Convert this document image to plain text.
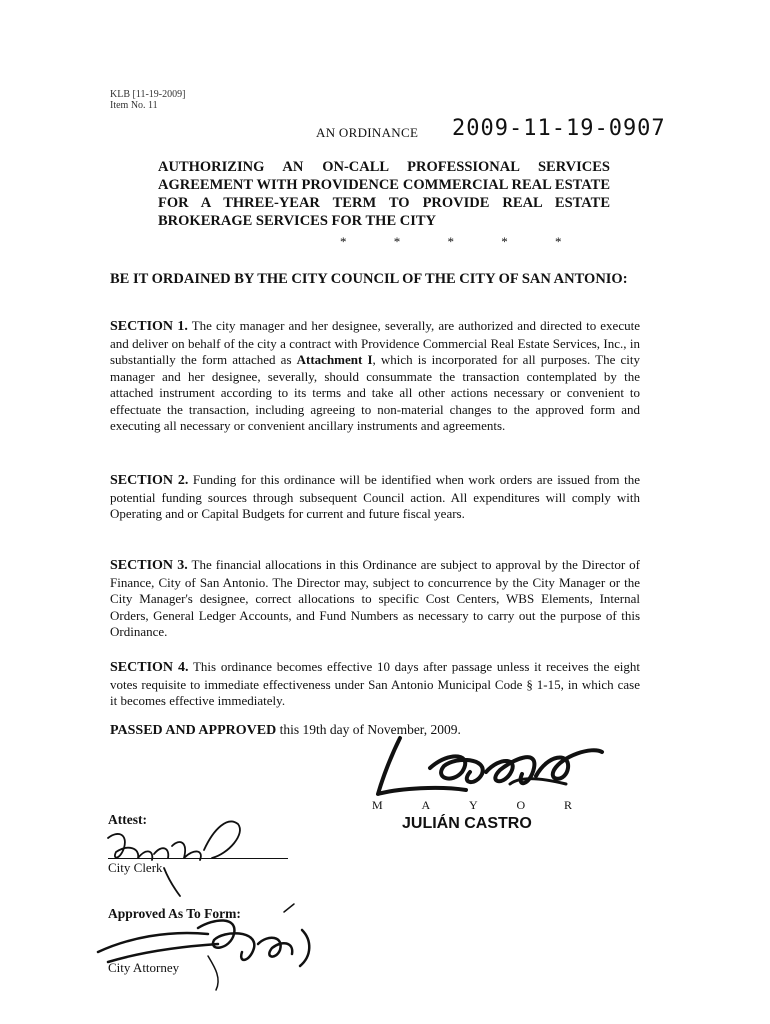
KLB [11-19-2009]
Item No. 11
AN ORDINANCE 2009-11-19-0907
AUTHORIZING AN ON-CALL PROFESSIONAL SERVICES AGREEMENT WITH PROVIDENCE COMMERCIAL REAL ESTATE FOR A THREE-YEAR TERM TO PROVIDE REAL ESTATE BROKERAGE SERVICES FOR THE CITY
* * * * *
BE IT ORDAINED BY THE CITY COUNCIL OF THE CITY OF SAN ANTONIO:
SECTION 1. The city manager and her designee, severally, are authorized and directed to execute and deliver on behalf of the city a contract with Providence Commercial Real Estate Services, Inc., in substantially the form attached as Attachment I, which is incorporated for all purposes. The city manager and her designee, severally, should consummate the transaction contemplated by the attached instrument according to its terms and take all other actions necessary or convenient to effectuate the transaction, including agreeing to non-material changes to the approved form and executing all necessary or convenient ancillary instruments and agreements.
SECTION 2. Funding for this ordinance will be identified when work orders are issued from the potential funding sources through subsequent Council action. All expenditures will comply with Operating and or Capital Budgets for current and future fiscal years.
SECTION 3. The financial allocations in this Ordinance are subject to approval by the Director of Finance, City of San Antonio. The Director may, subject to concurrence by the City Manager or the City Manager's designee, correct allocations to specific Cost Centers, WBS Elements, Internal Orders, General Ledger Accounts, and Fund Numbers as necessary to carry out the purpose of this Ordinance.
SECTION 4. This ordinance becomes effective 10 days after passage unless it receives the eight votes requisite to immediate effectiveness under San Antonio Municipal Code § 1-15, in which case it becomes effective immediately.
PASSED AND APPROVED this 19th day of November, 2009.
M	A	Y	O	R
JULIÁN CASTRO
Attest:
City Clerk
Approved As To Form:
City Attorney
